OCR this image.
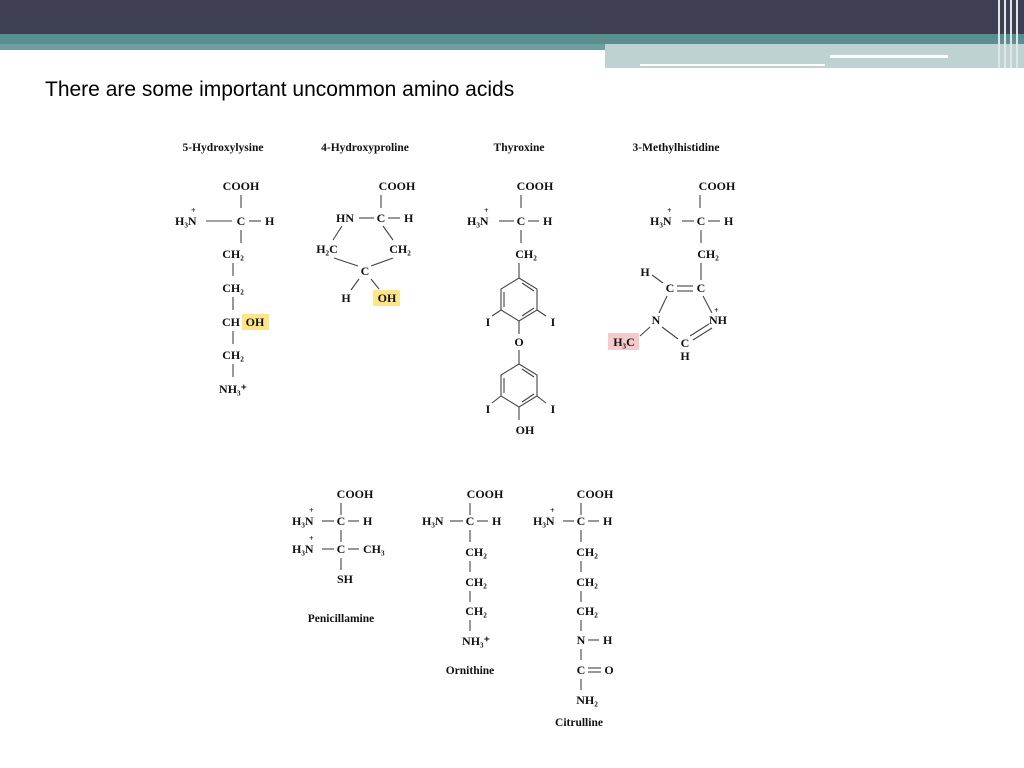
There are some important uncommon amino acids
5-Hydroxylysine
COOH
H₃N
+
C H
CH₂
CH₂
CH OH
CH₂
NH₃⁺
4-Hydroxyproline
COOH
HN C H
H₂C	CH₂
C
H OH
Thyroxine
COOH
H₃N
+
C H
CH₂
I	I
O
I	I
OH
3-Methylhistidine
COOH
H₃N
+
C H
CH₂
H
C C
N	NH
+
C
H
H₃C
COOH
H₃N
+
C H
H₃N
+
C CH₃
SH
Penicillamine
COOH
H₃N C H
CH₂
CH₂
CH₂
NH₃⁺
Ornithine
COOH
H₃N
+
C H
CH₂
CH₂
CH₂
N H
C O
NH₂
Citrulline
